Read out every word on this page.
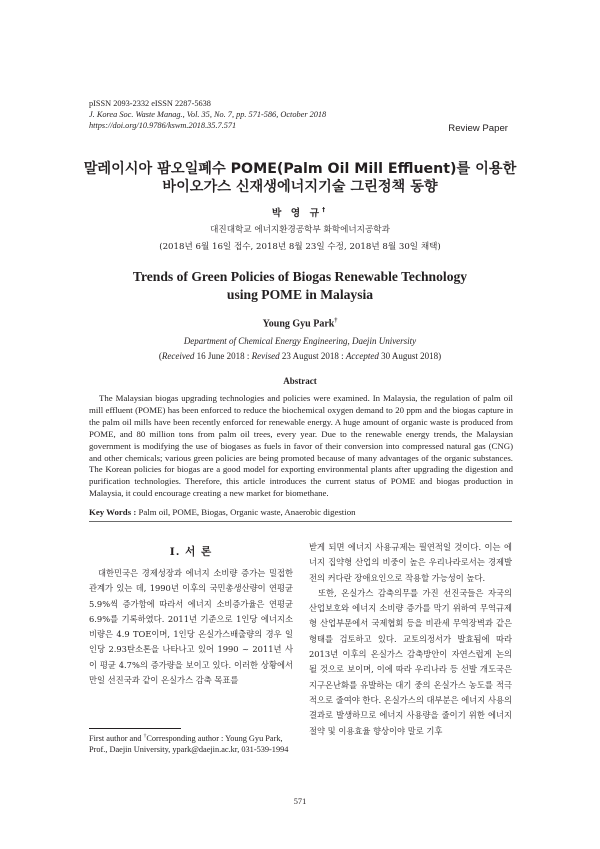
pISSN 2093-2332 eISSN 2287-5638
J. Korea Soc. Waste Manag., Vol. 35, No. 7, pp. 571-586, October 2018
https://doi.org/10.9786/kswm.2018.35.7.571	Review Paper
말레이시아 팜오일폐수 POME(Palm Oil Mill Effluent)를 이용한
바이오가스 신재생에너지기술 그린정책 동향
박 영 규†
대진대학교 에너지환경공학부 화학에너지공학과
(2018년 6월 16일 접수, 2018년 8월 23일 수정, 2018년 8월 30일 채택)
Trends of Green Policies of Biogas Renewable Technology
using POME in Malaysia
Young Gyu Park†
Department of Chemical Energy Engineering, Daejin University
(Received 16 June 2018 : Revised 23 August 2018 : Accepted 30 August 2018)
Abstract
The Malaysian biogas upgrading technologies and policies were examined. In Malaysia, the regulation of palm oil mill effluent (POME) has been enforced to reduce the biochemical oxygen demand to 20 ppm and the biogas capture in the palm oil mills have been recently enforced for renewable energy. A huge amount of organic waste is produced from POME, and 80 million tons from palm oil trees, every year. Due to the renewable energy trends, the Malaysian government is modifying the use of biogases as fuels in favor of their conversion into compressed natural gas (CNG) and other chemicals; various green policies are being promoted because of many advantages of the organic substances. The Korean policies for biogas are a good model for exporting environmental plants after upgrading the digestion and purification technologies. Therefore, this article introduces the current status of POME and biogas production in Malaysia, it could encourage creating a new market for biomethane.
Key Words : Palm oil, POME, Biogas, Organic waste, Anaerobic digestion
Ⅰ. 서 론
대한민국은 경제성장과 에너지 소비량 증가는 밀접한 관계가 있는 데, 1990년 이후의 국민총생산량이 연평균 5.9%씩 증가함에 따라서 에너지 소비증가율은 연평균 6.9%를 기록하였다. 2011년 기준으로 1인당 에너지소비량은 4.9 TOE이며, 1인당 온실가스배출량의 경우 일인당 2.93탄소톤을 나타나고 있어 1990 ~ 2011년 사이 평균 4.7%의 증가량을 보이고 있다. 이러한 상황에서 만일 선진국과 같이 온실가스 감축 목표를

받게 되면 에너지 사용규제는 필연적일 것이다. 이는 에너지 집약형 산업의 비중이 높은 우리나라로서는 경제발전의 커다란 장애요인으로 작용할 가능성이 높다.

또한, 온실가스 감축의무를 가진 선진국들은 자국의 산업보호와 에너지 소비량 증가를 막기 위하여 무역규제형 산업부문에서 국제협회 등을 비관세 무역장벽과 같은 형태를 검토하고 있다. 교토의정서가 발효됨에 따라 2013년 이후의 온실가스 감축방안이 자연스럽게 논의 될 것으로 보이며, 이에 따라 우리나라 등 선발 개도국은 지구온난화를 유발하는 대기 중의 온실가스 농도를 적극적으로 줄여야 한다. 온실가스의 대부분은 에너지 사용의 결과로 발생하므로 에너지 사용량을 줄이기 위한 에너지 절약 및 이용효율 향상이야 말로 기후

First author and †Corresponding author : Young Gyu Park,
Prof., Daejin University, ypark@daejin.ac.kr, 031-539-1994
571
